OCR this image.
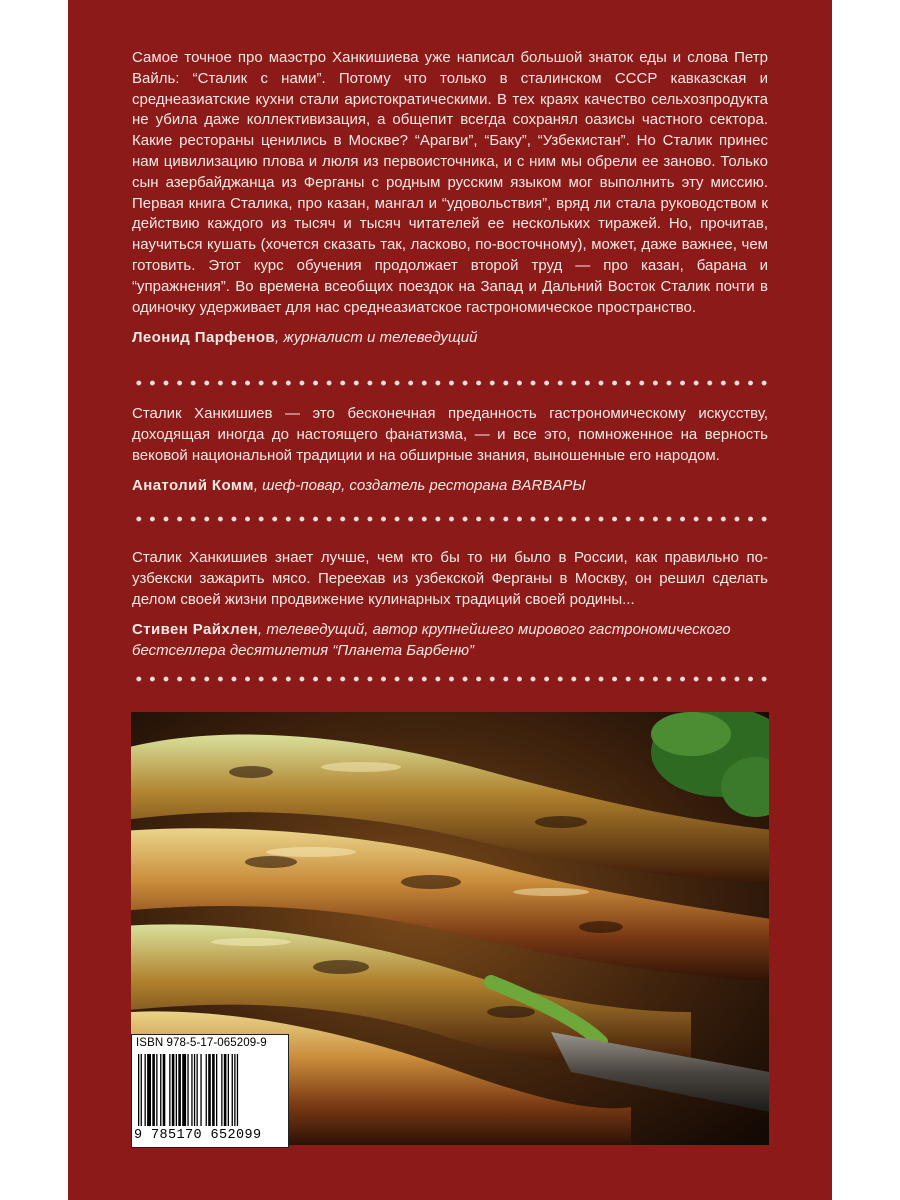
Самое точное про маэстро Ханкишиева уже написал большой знаток еды и слова Петр Вайль: “Сталик с нами”. Потому что только в сталинском СССР кавказская и среднеазиатские кухни стали аристократическими. В тех краях качество сельхозпродукта не убила даже коллективизация, а общепит всегда сохранял оазисы частного сектора. Какие рестораны ценились в Москве? “Арагви”, “Баку”, “Узбекистан”. Но Сталик принес нам цивилизацию плова и люля из первоисточника, и с ним мы обрели ее заново. Только сын азербайджанца из Ферганы с родным русским языком мог выполнить эту миссию. Первая книга Сталика, про казан, мангал и “удовольствия”, вряд ли стала руководством к действию каждого из тысяч и тысяч читателей ее нескольких тиражей. Но, прочитав, научиться кушать (хочется сказать так, ласково, по-восточному), может, даже важнее, чем готовить. Этот курс обучения продолжает второй труд — про казан, барана и “упражнения”. Во времена всеобщих поездок на Запад и Дальний Восток Сталик почти в одиночку удерживает для нас среднеазиатское гастрономическое пространство.

Леонид Парфенов, журналист и телеведущий

Сталик Ханкишиев — это бесконечная преданность гастрономическому искусству, доходящая иногда до настоящего фанатизма, — и все это, помноженное на верность вековой национальной традиции и на обширные знания, выношенные его народом.

Анатолий Комм, шеф-повар, создатель ресторана BARBAPЫ

Сталик Ханкишиев знает лучше, чем кто бы то ни было в России, как правильно по-узбекски зажарить мясо. Переехав из узбекской Ферганы в Москву, он решил сделать делом своей жизни продвижение кулинарных традиций своей родины...

Стивен Райхлен, телеведущий, автор крупнейшего мирового гастрономического бестселлера десятилетия “Планета Барбеню”

ISBN 978-5-17-065209-9
9 785170 652099
